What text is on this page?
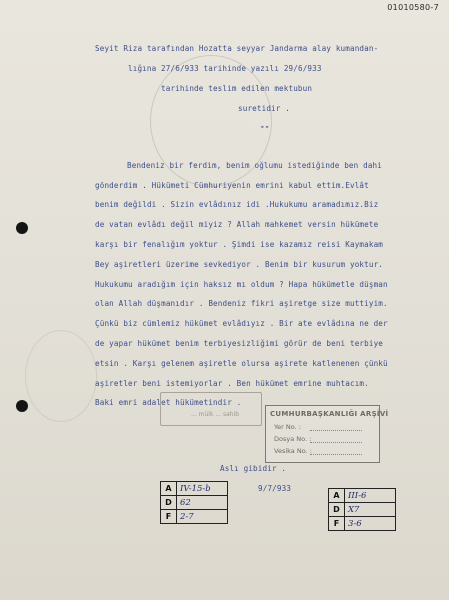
01010580-7
Seyit Riza tarafından Hozatta seyyar Jandarma alay kumandan-
lığına 27/6/933 tarihinde yazılı 29/6/933
tarihinde teslim edilen mektubun
suretidir .
--
Bendeniz bir ferdim, benim oğlumu istediğinde ben dahi
gönderdim . Hükümeti Cümhuriyenin emrini kabul ettim.Evlât
benim değildi . Sizin evlâdınız idi .Hukukumu aramadımız.Biz
de vatan evlâdı değil miyiz ? Allah mahkemet versin hükümete
karşı bir fenalığım yoktur . Şimdi ise kazamız reisi Kaymakam
Bey aşiretleri üzerime sevkediyor . Benim bir kusurum yoktur.
Hukukumu aradığım için haksız mı oldum ? Hapa hükümetle düşman
olan Allah düşmanıdır . Bendeniz fikri aşiretge size muttiyim.
Çünkü biz cümlemiz hükümet evlâdıyız . Bir ate evlâdına ne der
de yapar hükümet benim terbiyesizliğimi görür de beni terbiye
etsin . Karşı gelenem aşiretle olursa aşirete katlenenen çünkü
aşiretler beni istemiyorlar . Ben hükümet emrine muhtacım.
Baki emri adalet hükümetindir .
... mülk ... sahib	CUMHURBAŞKANLIĞI ARŞİVİ
Yer No. :
Dosya No. :
Vesika No. :
Aslı gibidir .
9/7/933
A	IV-15-b
D	62
F	2-7
A	III-6
D	X7
F	3-6
